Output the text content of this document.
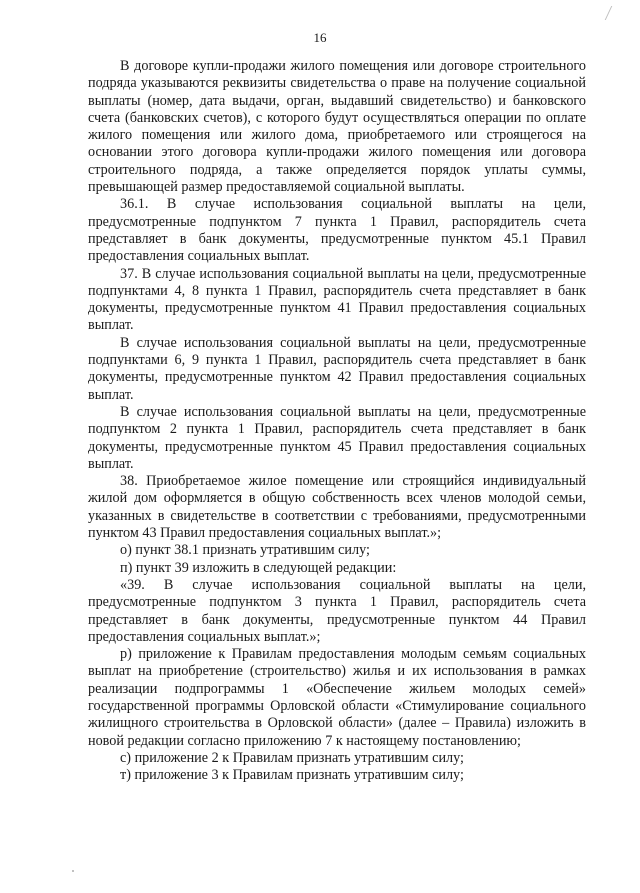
16

В договоре купли-продажи жилого помещения или договоре строительного подряда указываются реквизиты свидетельства о праве на получение социальной выплаты (номер, дата выдачи, орган, выдавший свидетельство) и банковского счета (банковских счетов), с которого будут осуществляться операции по оплате жилого помещения или жилого дома, приобретаемого или строящегося на основании этого договора купли-продажи жилого помещения или договора строительного подряда, а также определяется порядок уплаты суммы, превышающей размер предоставляемой социальной выплаты.

36.1. В случае использования социальной выплаты на цели, предусмотренные подпунктом 7 пункта 1 Правил, распорядитель счета представляет в банк документы, предусмотренные пунктом 45.1 Правил предоставления социальных выплат.

37. В случае использования социальной выплаты на цели, предусмотренные подпунктами 4, 8 пункта 1 Правил, распорядитель счета представляет в банк документы, предусмотренные пунктом 41 Правил предоставления социальных выплат.

В случае использования социальной выплаты на цели, предусмотренные подпунктами 6, 9 пункта 1 Правил, распорядитель счета представляет в банк документы, предусмотренные пунктом 42 Правил предоставления социальных выплат.

В случае использования социальной выплаты на цели, предусмотренные подпунктом 2 пункта 1 Правил, распорядитель счета представляет в банк документы, предусмотренные пунктом 45 Правил предоставления социальных выплат.

38. Приобретаемое жилое помещение или строящийся индивидуальный жилой дом оформляется в общую собственность всех членов молодой семьи, указанных в свидетельстве в соответствии с требованиями, предусмотренными пунктом 43 Правил предоставления социальных выплат.»;

о) пункт 38.1 признать утратившим силу;

п) пункт 39 изложить в следующей редакции:

«39. В случае использования социальной выплаты на цели, предусмотренные подпунктом 3 пункта 1 Правил, распорядитель счета представляет в банк документы, предусмотренные пунктом 44 Правил предоставления социальных выплат.»;

р) приложение к Правилам предоставления молодым семьям социальных выплат на приобретение (строительство) жилья и их использования в рамках реализации подпрограммы 1 «Обеспечение жильем молодых семей» государственной программы Орловской области «Стимулирование социального жилищного строительства в Орловской области» (далее – Правила) изложить в новой редакции согласно приложению 7 к настоящему постановлению;

с) приложение 2 к Правилам признать утратившим силу;

т) приложение 3 к Правилам признать утратившим силу;
